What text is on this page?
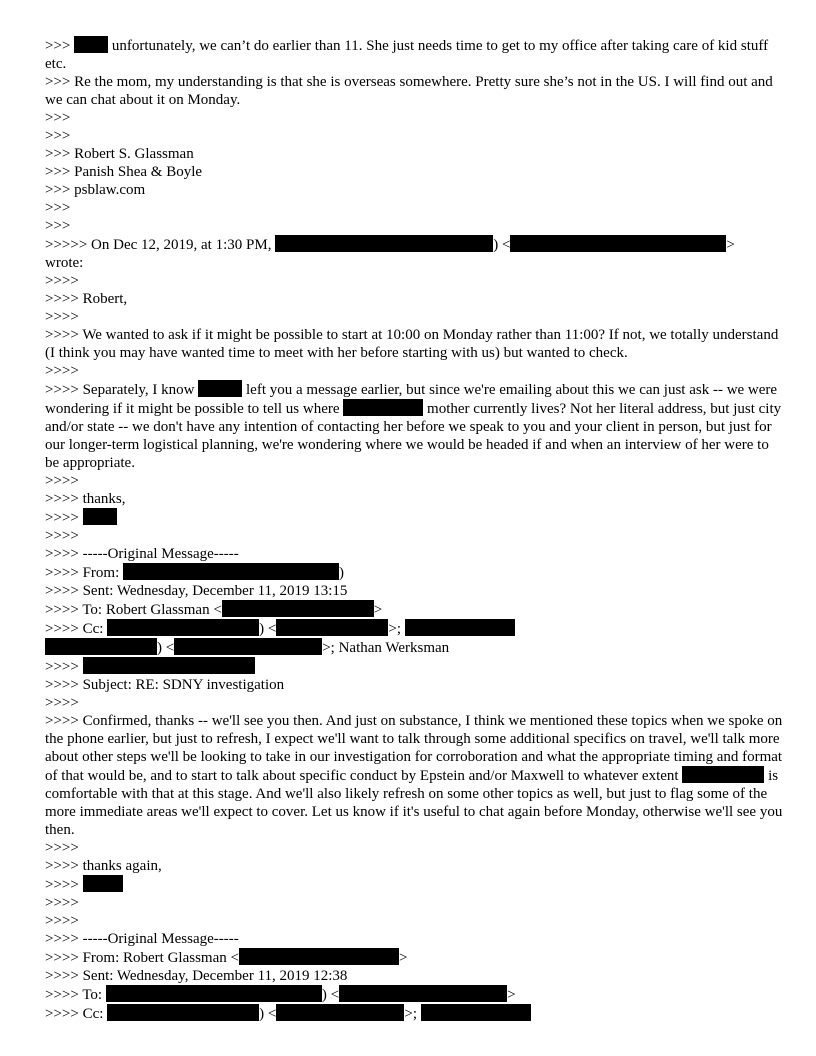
>>>  unfortunately, we can’t do earlier than 11. She just needs time to get to my office after taking care of kid stuff etc.
>>> Re the mom, my understanding is that she is overseas somewhere. Pretty sure she’s not in the US. I will find out and we can chat about it on Monday.
>>>
>>>
>>> Robert S. Glassman
>>> Panish Shea & Boyle
>>> psblaw.com
>>>
>>>
>>>>> On Dec 12, 2019, at 1:30 PM,	) <	>
wrote:
>>>>
>>>> Robert,
>>>>
>>>> We wanted to ask if it might be possible to start at 10:00 on Monday rather than 11:00? If not, we totally understand (I think you may have wanted time to meet with her before starting with us) but wanted to check.
>>>>
>>>> Separately, I know	left you a message earlier, but since we're emailing about this we can just ask -- we were wondering if it might be possible to tell us where	mother currently lives? Not her literal address, but just city and/or state -- we don't have any intention of contacting her before we speak to you and your client in person, but just for our longer-term logistical planning, we're wondering where we would be headed if and when an interview of her were to be appropriate.
>>>>
>>>> thanks,
>>>>
>>>>
>>>> -----Original Message-----
>>>> From:	)
>>>> Sent: Wednesday, December 11, 2019 13:15
>>>> To: Robert Glassman <	>
>>>> Cc:	) <	>;
) <	>; Nathan Werksman
>>>>
>>>> Subject: RE: SDNY investigation
>>>>
>>>> Confirmed, thanks -- we'll see you then. And just on substance, I think we mentioned these topics when we spoke on the phone earlier, but just to refresh, I expect we'll want to talk through some additional specifics on travel, we'll talk more about other steps we'll be looking to take in our investigation for corroboration and what the appropriate timing and format of that would be, and to start to talk about specific conduct by Epstein and/or Maxwell to whatever extent	is comfortable with that at this stage. And we'll also likely refresh on some other topics as well, but just to flag some of the more immediate areas we'll expect to cover. Let us know if it's useful to chat again before Monday, otherwise we'll see you then.
>>>>
>>>> thanks again,
>>>>
>>>>
>>>>
>>>> -----Original Message-----
>>>> From: Robert Glassman <	>
>>>> Sent: Wednesday, December 11, 2019 12:38
>>>> To:	) <	>
>>>> Cc:	) <	>;
